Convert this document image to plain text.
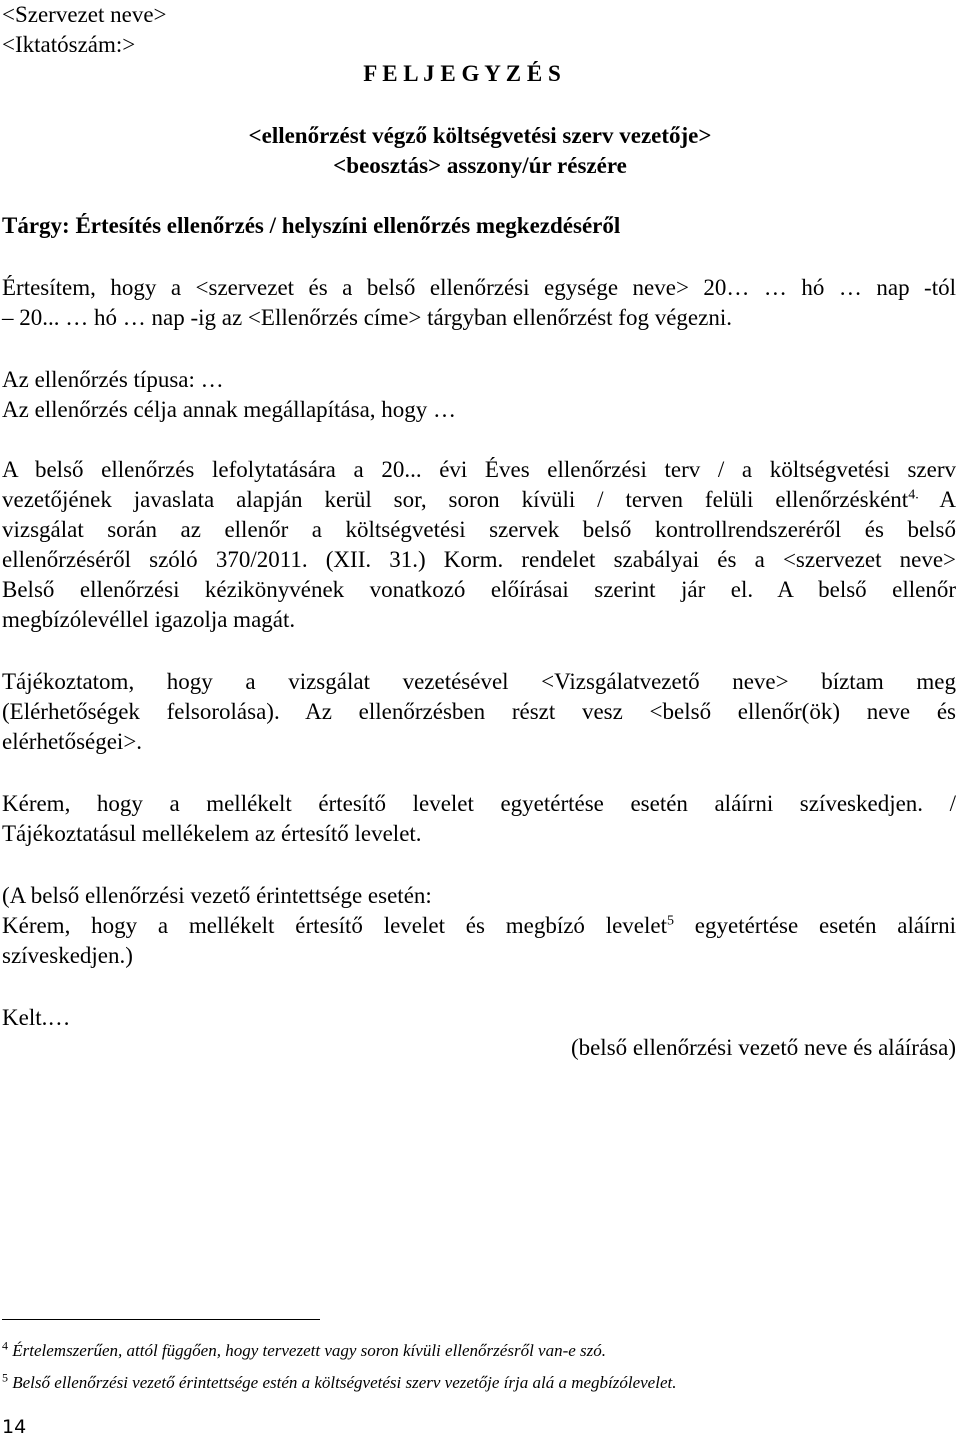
<Szervezet neve>
<Iktatószám:>
F E L J E G Y Z É S
<ellenőrzést végző költségvetési szerv vezetője>
<beosztás> asszony/úr részére
Tárgy: Értesítés ellenőrzés / helyszíni ellenőrzés megkezdéséről
Értesítem, hogy a <szervezet és a belső ellenőrzési egysége neve> 20… … hó … nap -tól
– 20... … hó … nap -ig az <Ellenőrzés címe> tárgyban ellenőrzést fog végezni.
Az ellenőrzés típusa: …
Az ellenőrzés célja annak megállapítása, hogy …
A belső ellenőrzés lefolytatására a 20... évi Éves ellenőrzési terv / a költségvetési szerv
vezetőjének javaslata alapján kerül sor, soron kívüli / terven felüli ellenőrzésként$^{4.}$ A
vizsgálat során az ellenőr a költségvetési szervek belső kontrollrendszeréről és belső
ellenőrzéséről szóló 370/2011. (XII. 31.) Korm. rendelet szabályai és a <szervezet neve>
Belső ellenőrzési kézikönyvének vonatkozó előírásai szerint jár el. A belső ellenőr
megbízólevéllel igazolja magát.
Tájékoztatom, hogy a vizsgálat vezetésével <Vizsgálatvezető neve> bíztam meg
(Elérhetőségek felsorolása). Az ellenőrzésben részt vesz <belső ellenőr(ök) neve és
elérhetőségei>.
Kérem, hogy a mellékelt értesítő levelet egyetértése esetén aláírni szíveskedjen. /
Tájékoztatásul mellékelem az értesítő levelet.
(A belső ellenőrzési vezető érintettsége esetén:
Kérem, hogy a mellékelt értesítő levelet és megbízó levelet$^5$ egyetértése esetén aláírni
szíveskedjen.)
Kelt.…
(belső ellenőrzési vezető neve és aláírása)
$^4$ Értelemszerűen, attól függően, hogy tervezett vagy soron kívüli ellenőrzésről van-e szó.
$^5$ Belső ellenőrzési vezető érintettsége estén a költségvetési szerv vezetője írja alá a megbízólevelet.
14
